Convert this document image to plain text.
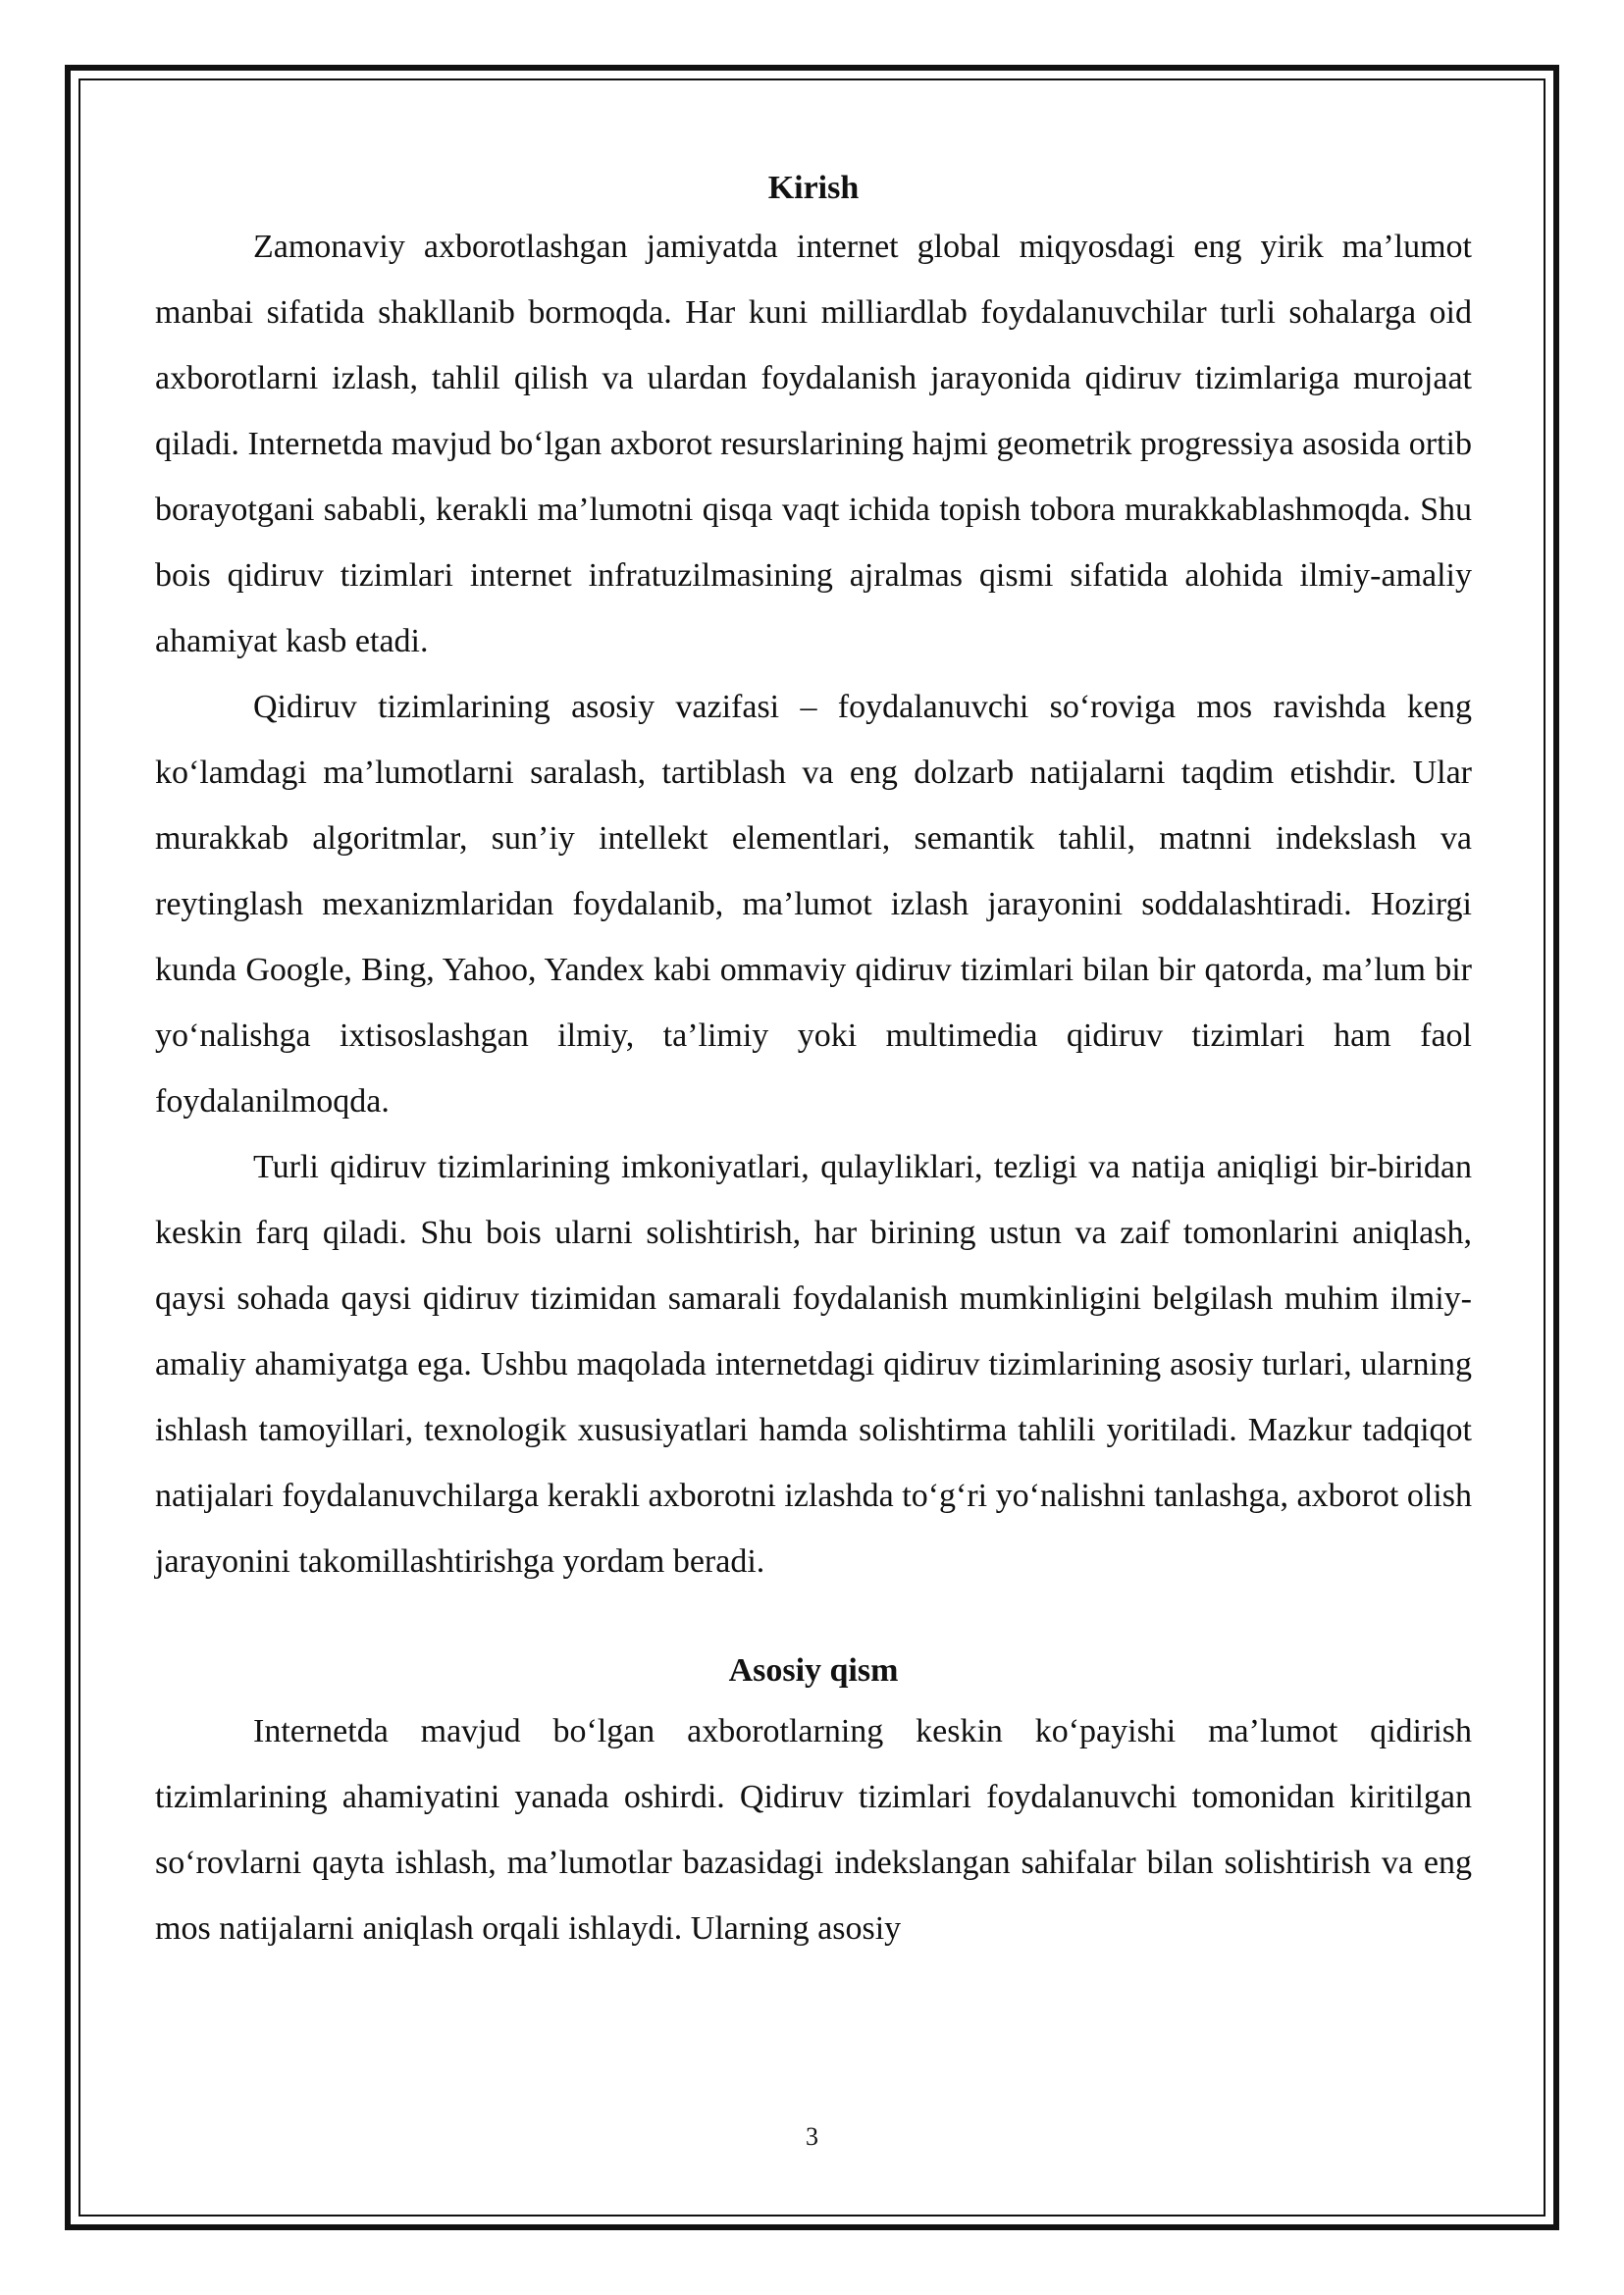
Kirish

Zamonaviy axborotlashgan jamiyatda internet global miqyosdagi eng yirik ma’lumot manbai sifatida shakllanib bormoqda. Har kuni milliardlab foydalanuvchilar turli sohalarga oid axborotlarni izlash, tahlil qilish va ulardan foydalanish jarayonida qidiruv tizimlariga murojaat qiladi. Internetda mavjud bo‘lgan axborot resurslarining hajmi geometrik progressiya asosida ortib borayotgani sababli, kerakli ma’lumotni qisqa vaqt ichida topish tobora murakkablashmoqda. Shu bois qidiruv tizimlari internet infratuzilmasining ajralmas qismi sifatida alohida ilmiy-amaliy ahamiyat kasb etadi.

Qidiruv tizimlarining asosiy vazifasi – foydalanuvchi so‘roviga mos ravishda keng ko‘lamdagi ma’lumotlarni saralash, tartiblash va eng dolzarb natijalarni taqdim etishdir. Ular murakkab algoritmlar, sun’iy intellekt elementlari, semantik tahlil, matnni indekslash va reytinglash mexanizmlaridan foydalanib, ma’lumot izlash jarayonini soddalashtiradi. Hozirgi kunda Google, Bing, Yahoo, Yandex kabi ommaviy qidiruv tizimlari bilan bir qatorda, ma’lum bir yo‘nalishga ixtisoslashgan ilmiy, ta’limiy yoki multimedia qidiruv tizimlari ham faol foydalanilmoqda.

Turli qidiruv tizimlarining imkoniyatlari, qulayliklari, tezligi va natija aniqligi bir-biridan keskin farq qiladi. Shu bois ularni solishtirish, har birining ustun va zaif tomonlarini aniqlash, qaysi sohada qaysi qidiruv tizimidan samarali foydalanish mumkinligini belgilash muhim ilmiy-amaliy ahamiyatga ega. Ushbu maqolada internetdagi qidiruv tizimlarining asosiy turlari, ularning ishlash tamoyillari, texnologik xususiyatlari hamda solishtirma tahlili yoritiladi. Mazkur tadqiqot natijalari foydalanuvchilarga kerakli axborotni izlashda to‘g‘ri yo‘nalishni tanlashga, axborot olish jarayonini takomillashtirishga yordam beradi.

Asosiy qism

Internetda mavjud bo‘lgan axborotlarning keskin ko‘payishi ma’lumot qidirish tizimlarining ahamiyatini yanada oshirdi. Qidiruv tizimlari foydalanuvchi tomonidan kiritilgan so‘rovlarni qayta ishlash, ma’lumotlar bazasidagi indekslangan sahifalar bilan solishtirish va eng mos natijalarni aniqlash orqali ishlaydi. Ularning asosiy

3
